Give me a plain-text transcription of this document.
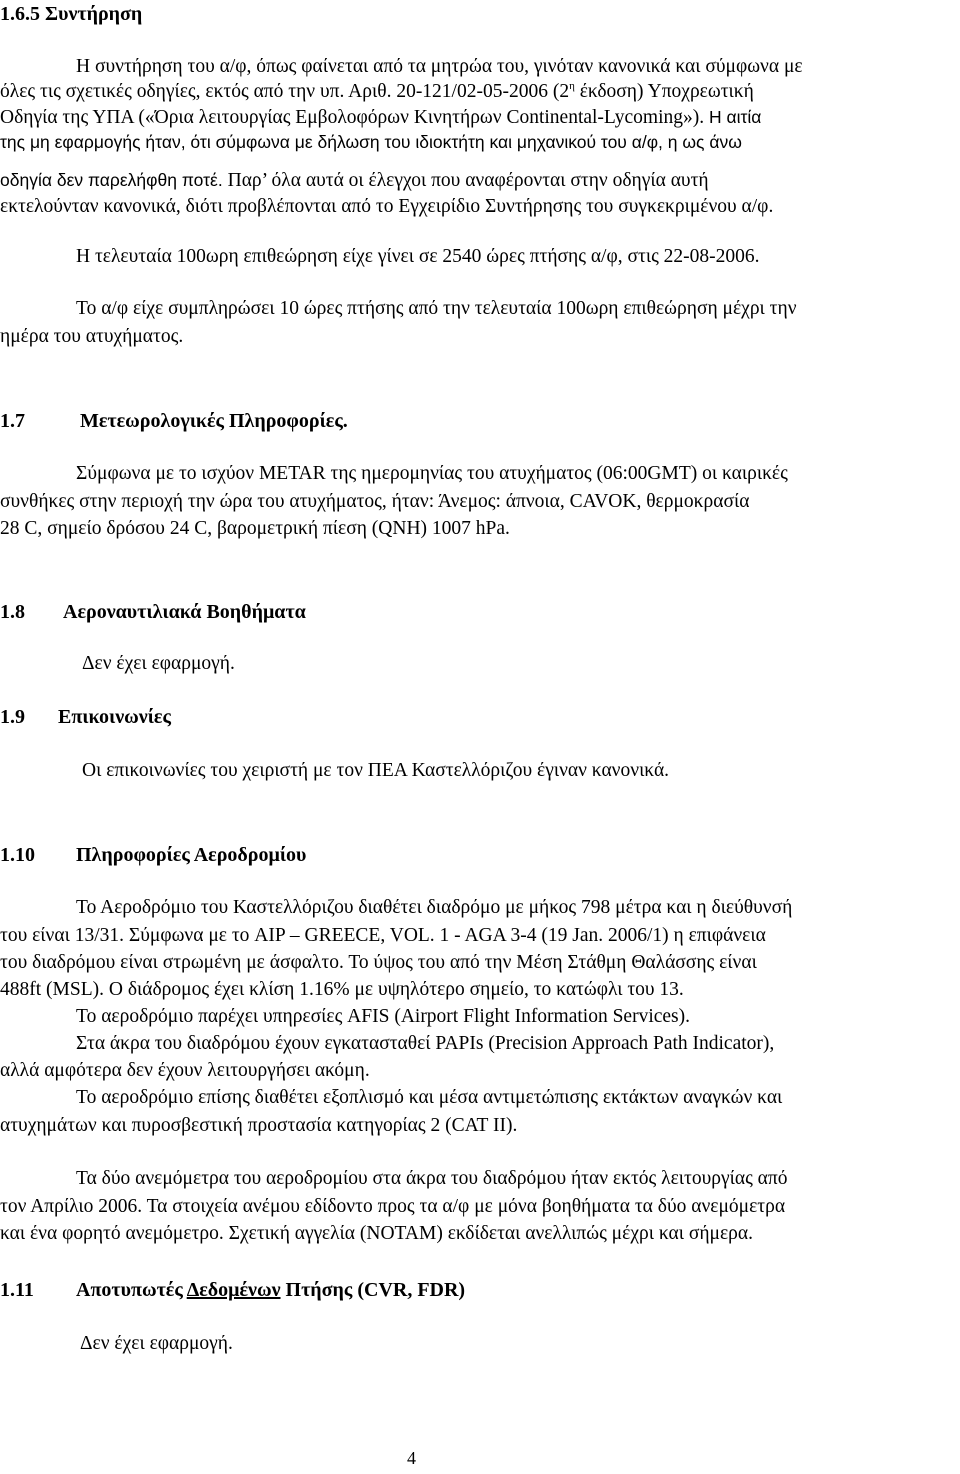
1.6.5 Συντήρηση
Η συντήρηση του α/φ, όπως φαίνεται από τα μητρώα του, γινόταν κανονικά και σύμφωνα με
όλες τις σχετικές οδηγίες, εκτός από την υπ. Αριθ. 20-121/02-05-2006 ($2^\eta$ έκδοση) Υποχρεωτική
Οδηγία της ΥΠΑ («Όρια λειτουργίας Εμβολοφόρων Κινητήρων Continental-Lycoming»). Η αιτία
της μη εφαρμογής ήταν, ότι σύμφωνα με δήλωση του ιδιοκτήτη και μηχανικού του α/φ, η ως άνω
οδηγία δεν παρελήφθη ποτέ. Παρ’ όλα αυτά οι έλεγχοι που αναφέρονται στην οδηγία αυτή
εκτελούνταν κανονικά, διότι προβλέπονται από το Εγχειρίδιο Συντήρησης του συγκεκριμένου α/φ.
Η τελευταία 100ωρη επιθεώρηση είχε γίνει σε 2540 ώρες πτήσης α/φ, στις 22-08-2006.
Το α/φ είχε συμπληρώσει 10 ώρες πτήσης από την τελευταία 100ωρη επιθεώρηση μέχρι την
ημέρα του ατυχήματος.
1.7	Μετεωρολογικές Πληροφορίες.
Σύμφωνα με το ισχύον METAR της ημερομηνίας του ατυχήματος (06:00GMT) οι καιρικές
συνθήκες στην περιοχή την ώρα του ατυχήματος, ήταν: Άνεμος: άπνοια, CAVOK, θερμοκρασία
28 C, σημείο δρόσου 24 C, βαρομετρική πίεση (QNH) 1007 hPa.
1.8 Αεροναυτιλιακά Βοηθήματα
Δεν έχει εφαρμογή.
1.9 Επικοινωνίες
Οι επικοινωνίες του χειριστή με τον ΠΕΑ Καστελλόριζου έγιναν κανονικά.
1.10 Πληροφορίες Αεροδρομίου
Το Αεροδρόμιο του Καστελλόριζου διαθέτει διαδρόμο με μήκος 798 μέτρα και η διεύθυνσή
του είναι 13/31. Σύμφωνα με το AIP – GREECE, VOL. 1 - AGA 3-4 (19 Jan. 2006/1) η επιφάνεια
του διαδρόμου είναι στρωμένη με άσφαλτο. Το ύψος του από την Μέση Στάθμη Θαλάσσης είναι
488ft (MSL). Ο διάδρομος έχει κλίση 1.16% με υψηλότερο σημείο, το κατώφλι του 13.
Το αεροδρόμιο παρέχει υπηρεσίες AFIS (Airport Flight Information Services).
Στα άκρα του διαδρόμου έχουν εγκατασταθεί PAPIs (Precision Approach Path Indicator),
αλλά αμφότερα δεν έχουν λειτουργήσει ακόμη.
Το αεροδρόμιο επίσης διαθέτει εξοπλισμό και μέσα αντιμετώπισης εκτάκτων αναγκών και
ατυχημάτων και πυροσβεστική προστασία κατηγορίας 2 (CAT II).
Τα δύο ανεμόμετρα του αεροδρομίου στα άκρα του διαδρόμου ήταν εκτός λειτουργίας από
τον Απρίλιο 2006. Τα στοιχεία ανέμου εδίδοντο προς τα α/φ με μόνα βοηθήματα τα δύο ανεμόμετρα
και ένα φορητό ανεμόμετρο. Σχετική αγγελία (NOTAM) εκδίδεται ανελλιπώς μέχρι και σήμερα.
1.11 Αποτυπωτές Δεδομένων Πτήσης (CVR, FDR)
Δεν έχει εφαρμογή.
4
